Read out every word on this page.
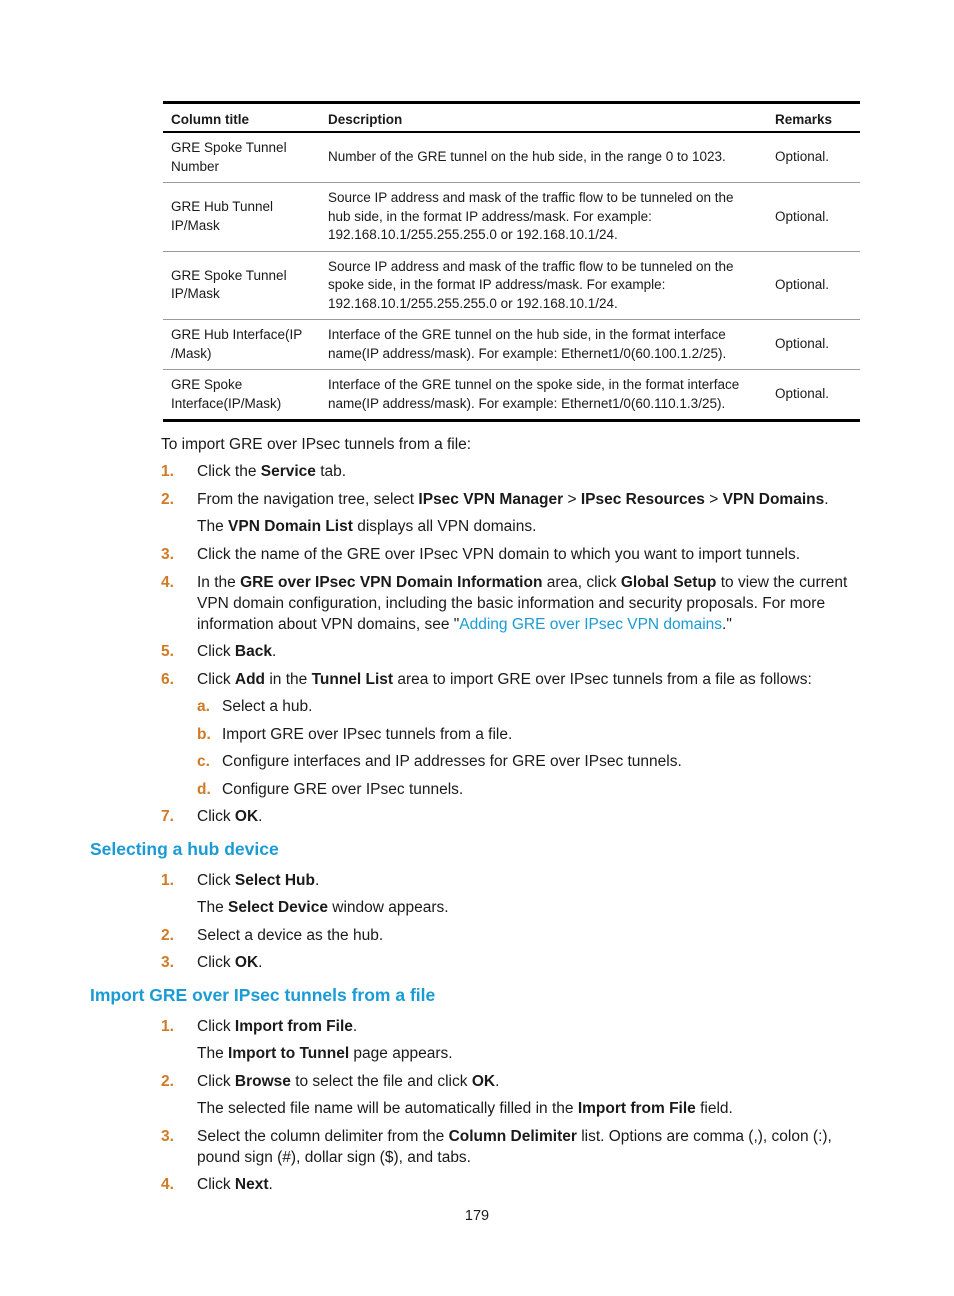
Column title	Description	Remarks
GRE Spoke Tunnel Number	Number of the GRE tunnel on the hub side, in the range 0 to 1023.	Optional.
GRE Hub Tunnel IP/Mask	Source IP address and mask of the traffic flow to be tunneled on the hub side, in the format IP address/mask. For example: 192.168.10.1/255.255.255.0 or 192.168.10.1/24.	Optional.
GRE Spoke Tunnel IP/Mask	Source IP address and mask of the traffic flow to be tunneled on the spoke side, in the format IP address/mask. For example: 192.168.10.1/255.255.255.0 or 192.168.10.1/24.	Optional.
GRE Hub Interface(IP /Mask)	Interface of the GRE tunnel on the hub side, in the format interface name(IP address/mask). For example: Ethernet1/0(60.100.1.2/25).	Optional.
GRE Spoke Interface(IP/Mask)	Interface of the GRE tunnel on the spoke side, in the format interface name(IP address/mask). For example: Ethernet1/0(60.110.1.3/25).	Optional.
To import GRE over IPsec tunnels from a file:
1. Click the Service tab.
2. From the navigation tree, select IPsec VPN Manager > IPsec Resources > VPN Domains.
The VPN Domain List displays all VPN domains.
3. Click the name of the GRE over IPsec VPN domain to which you want to import tunnels.
4. In the GRE over IPsec VPN Domain Information area, click Global Setup to view the current VPN domain configuration, including the basic information and security proposals. For more information about VPN domains, see "Adding GRE over IPsec VPN domains."
5. Click Back.
6. Click Add in the Tunnel List area to import GRE over IPsec tunnels from a file as follows:
a. Select a hub.
b. Import GRE over IPsec tunnels from a file.
c. Configure interfaces and IP addresses for GRE over IPsec tunnels.
d. Configure GRE over IPsec tunnels.
7. Click OK.
Selecting a hub device
1. Click Select Hub.
The Select Device window appears.
2. Select a device as the hub.
3. Click OK.
Import GRE over IPsec tunnels from a file
1. Click Import from File.
The Import to Tunnel page appears.
2. Click Browse to select the file and click OK.
The selected file name will be automatically filled in the Import from File field.
3. Select the column delimiter from the Column Delimiter list. Options are comma (,), colon (:), pound sign (#), dollar sign ($), and tabs.
4. Click Next.
179
